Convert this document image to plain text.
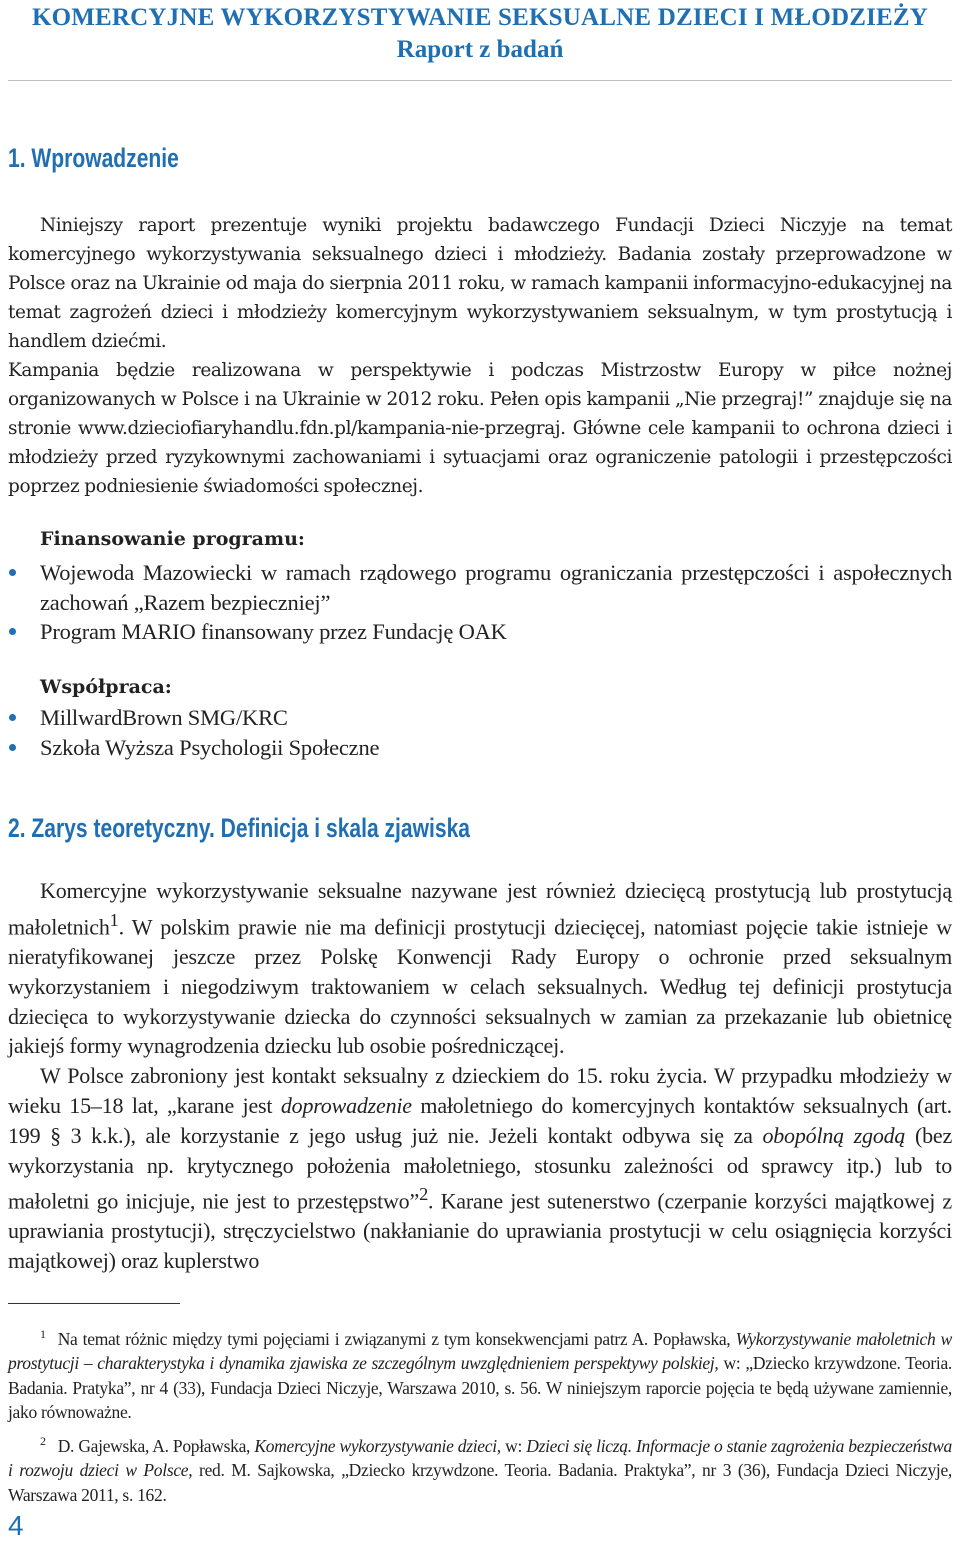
KOMERCYJNE WYKORZYSTYWANIE SEKSUALNE DZIECI I MŁODZIEŻY
Raport z badań
1. Wprowadzenie

Niniejszy raport prezentuje wyniki projektu badawczego Fundacji Dzieci Niczyje na temat komercyjnego wykorzystywania seksualnego dzieci i młodzieży. Badania zostały przeprowadzone w Polsce oraz na Ukrainie od maja do sierpnia 2011 roku, w ramach kampanii informacyjno-edukacyjnej na temat zagrożeń dzieci i młodzieży komercyjnym wykorzystywaniem seksualnym, w tym prostytucją i handlem dziećmi.

Kampania będzie realizowana w perspektywie i podczas Mistrzostw Europy w piłce nożnej organizowanych w Polsce i na Ukrainie w 2012 roku. Pełen opis kampanii „Nie przegraj!” znajduje się na stronie www.dzieciofiaryhandlu.fdn.pl/kampania-nie-przegraj. Główne cele kampanii to ochrona dzieci i młodzieży przed ryzykownymi zachowaniami i sytuacjami oraz ograniczenie patologii i przestępczości poprzez podniesienie świadomości społecznej.

Finansowanie programu:
Wojewoda Mazowiecki w ramach rządowego programu ograniczania przestępczości i aspołecznych zachowań „Razem bezpieczniej”
Program MARIO finansowany przez Fundację OAK
Współpraca:
MillwardBrown SMG/KRC
Szkoła Wyższa Psychologii Społeczne
2. Zarys teoretyczny. Definicja i skala zjawiska

Komercyjne wykorzystywanie seksualne nazywane jest również dziecięcą prostytucją lub prostytucją małoletnich$^1$. W polskim prawie nie ma definicji prostytucji dziecięcej, natomiast pojęcie takie istnieje w nieratyfikowanej jeszcze przez Polskę Konwencji Rady Europy o ochronie przed seksualnym wykorzystaniem i niegodziwym traktowaniem w celach seksualnych. Według tej definicji prostytucja dziecięca to wykorzystywanie dziecka do czynności seksualnych w zamian za przekazanie lub obietnicę jakiejś formy wynagrodzenia dziecku lub osobie pośredniczącej.

W Polsce zabroniony jest kontakt seksualny z dzieckiem do 15. roku życia. W przypadku młodzieży w wieku 15–18 lat, „karane jest doprowadzenie małoletniego do komercyjnych kontaktów seksualnych (art. 199 § 3 k.k.), ale korzystanie z jego usług już nie. Jeżeli kontakt odbywa się za obopólną zgodą (bez wykorzystania np. krytycznego położenia małoletniego, stosunku zależności od sprawcy itp.) lub to małoletni go inicjuje, nie jest to przestępstwo”$^2$. Karane jest sutenerstwo (czerpanie korzyści majątkowej z uprawiania prostytucji), stręczycielstwo (nakłanianie do uprawiania prostytucji w celu osiągnięcia korzyści majątkowej) oraz kuplerstwo

$^1$ Na temat różnic między tymi pojęciami i związanymi z tym konsekwencjami patrz A. Popławska, Wykorzystywanie małoletnich w prostytucji – charakterystyka i dynamika zjawiska ze szczególnym uwzględnieniem perspektywy polskiej, w: „Dziecko krzywdzone. Teoria. Badania. Pratyka”, nr 4 (33), Fundacja Dzieci Niczyje, Warszawa 2010, s. 56. W niniejszym raporcie pojęcia te będą używane zamiennie, jako równoważne.

$^2$ D. Gajewska, A. Popławska, Komercyjne wykorzystywanie dzieci, w: Dzieci się liczą. Informacje o stanie zagrożenia bezpieczeństwa i rozwoju dzieci w Polsce, red. M. Sajkowska, „Dziecko krzywdzone. Teoria. Badania. Praktyka”, nr 3 (36), Fundacja Dzieci Niczyje, Warszawa 2011, s. 162.

4
